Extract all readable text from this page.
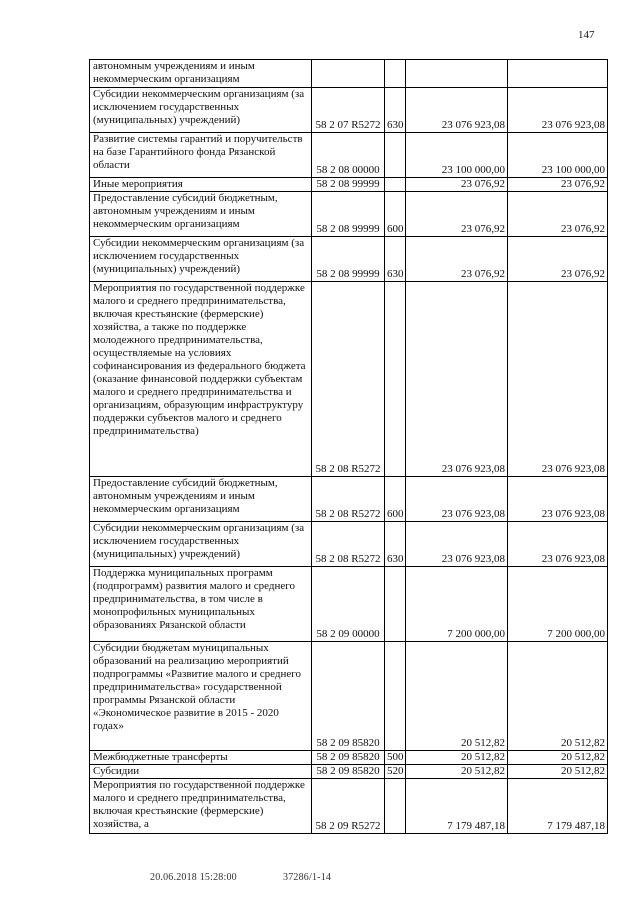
147
автономным учреждениям и иным некоммерческим организациям				
Субсидии некоммерческим организациям (за исключением государственных (муниципальных) учреждений)	58 2 07 R5272	630	23 076 923,08	23 076 923,08
Развитие системы гарантий и поручительств на базе Гарантийного фонда Рязанской области	58 2 08 00000		23 100 000,00	23 100 000,00
Иные мероприятия	58 2 08 99999		23 076,92	23 076,92
Предоставление субсидий бюджетным, автономным учреждениям и иным некоммерческим организациям	58 2 08 99999	600	23 076,92	23 076,92
Субсидии некоммерческим организациям (за исключением государственных (муниципальных) учреждений)	58 2 08 99999	630	23 076,92	23 076,92
Мероприятия по государственной поддержке малого и среднего предпринимательства, включая крестьянские (фермерские) хозяйства, а также по поддержке молодежного предпринимательства, осуществляемые на условиях софинансирования из федерального бюджета (оказание финансовой поддержки субъектам малого и среднего предпринимательства и организациям, образующим инфраструктуру поддержки субъектов малого и среднего предпринимательства)	58 2 08 R5272		23 076 923,08	23 076 923,08
Предоставление субсидий бюджетным, автономным учреждениям и иным некоммерческим организациям	58 2 08 R5272	600	23 076 923,08	23 076 923,08
Субсидии некоммерческим организациям (за исключением государственных (муниципальных) учреждений)	58 2 08 R5272	630	23 076 923,08	23 076 923,08
Поддержка муниципальных программ (подпрограмм) развития малого и среднего предпринимательства, в том числе в монопрофильных муниципальных образованиях Рязанской области	58 2 09 00000		7 200 000,00	7 200 000,00
Субсидии бюджетам муниципальных образований на реализацию мероприятий подпрограммы «Развитие малого и среднего предпринимательства» государственной программы Рязанской области «Экономическое развитие в 2015 - 2020 годах»	58 2 09 85820		20 512,82	20 512,82
Межбюджетные трансферты	58 2 09 85820	500	20 512,82	20 512,82
Субсидии	58 2 09 85820	520	20 512,82	20 512,82
Мероприятия по государственной поддержке малого и среднего предпринимательства, включая крестьянские (фермерские) хозяйства, а	58 2 09 R5272		7 179 487,18	7 179 487,18
20.06.2018 15:28:00	37286/1-14
